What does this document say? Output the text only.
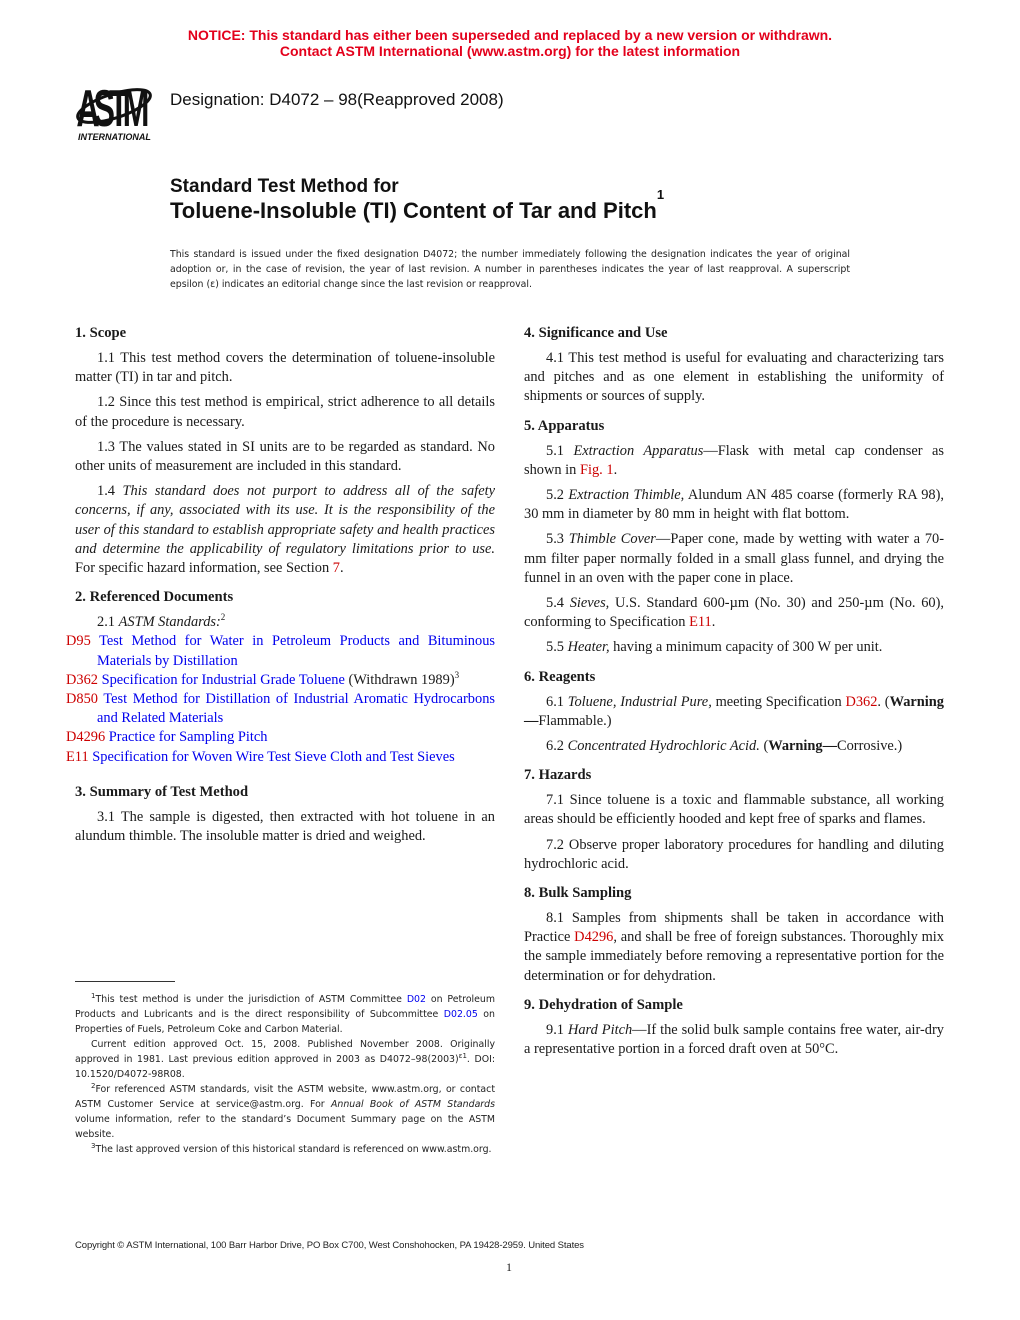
NOTICE: This standard has either been superseded and replaced by a new version or withdrawn.
Contact ASTM International (www.astm.org) for the latest information
ASTM
INTERNATIONAL
Designation: D4072 – 98(Reapproved 2008)
Standard Test Method for
Toluene-Insoluble (TI) Content of Tar and Pitch$^1$
This standard is issued under the fixed designation D4072; the number immediately following the designation indicates the year of original adoption or, in the case of revision, the year of last revision. A number in parentheses indicates the year of last reapproval. A superscript epsilon (ε) indicates an editorial change since the last revision or reapproval.
1. Scope

1.1 This test method covers the determination of toluene-insoluble matter (TI) in tar and pitch.

1.2 Since this test method is empirical, strict adherence to all details of the procedure is necessary.

1.3 The values stated in SI units are to be regarded as standard. No other units of measurement are included in this standard.

1.4 This standard does not purport to address all of the safety concerns, if any, associated with its use. It is the responsibility of the user of this standard to establish appropriate safety and health practices and determine the applicability of regulatory limitations prior to use. For specific hazard information, see Section 7.

2. Referenced Documents

2.1 ASTM Standards:$^2$

D95 Test Method for Water in Petroleum Products and Bituminous Materials by Distillation

D362 Specification for Industrial Grade Toluene (Withdrawn 1989)$^3$

D850 Test Method for Distillation of Industrial Aromatic Hydrocarbons and Related Materials

D4296 Practice for Sampling Pitch

E11 Specification for Woven Wire Test Sieve Cloth and Test Sieves

3. Summary of Test Method

3.1 The sample is digested, then extracted with hot toluene in an alundum thimble. The insoluble matter is dried and weighed.

4. Significance and Use

4.1 This test method is useful for evaluating and characterizing tars and pitches and as one element in establishing the uniformity of shipments or sources of supply.

5. Apparatus

5.1 Extraction Apparatus—Flask with metal cap condenser as shown in Fig. 1.

5.2 Extraction Thimble, Alundum AN 485 coarse (formerly RA 98), 30 mm in diameter by 80 mm in height with flat bottom.

5.3 Thimble Cover—Paper cone, made by wetting with water a 70-mm filter paper normally folded in a small glass funnel, and drying the funnel in an oven with the paper cone in place.

5.4 Sieves, U.S. Standard 600-µm (No. 30) and 250-µm (No. 60), conforming to Specification E11.

5.5 Heater, having a minimum capacity of 300 W per unit.

6. Reagents

6.1 Toluene, Industrial Pure, meeting Specification D362. (Warning—Flammable.)

6.2 Concentrated Hydrochloric Acid. (Warning—Corrosive.)

7. Hazards

7.1 Since toluene is a toxic and flammable substance, all working areas should be efficiently hooded and kept free of sparks and flames.

7.2 Observe proper laboratory procedures for handling and diluting hydrochloric acid.

8. Bulk Sampling

8.1 Samples from shipments shall be taken in accordance with Practice D4296, and shall be free of foreign substances. Thoroughly mix the sample immediately before removing a representative portion for the determination or for dehydration.

9. Dehydration of Sample

9.1 Hard Pitch—If the solid bulk sample contains free water, air-dry a representative portion in a forced draft oven at 50°C.

$^1$This test method is under the jurisdiction of ASTM Committee D02 on Petroleum Products and Lubricants and is the direct responsibility of Subcommittee D02.05 on Properties of Fuels, Petroleum Coke and Carbon Material.

Current edition approved Oct. 15, 2008. Published November 2008. Originally approved in 1981. Last previous edition approved in 2003 as $D4072-98(2003)^{\varepsilon 1}$. DOI: 10.1520/D4072-98R08.

$^2$For referenced ASTM standards, visit the ASTM website, www.astm.org, or contact ASTM Customer Service at service@astm.org. For Annual Book of ASTM Standards volume information, refer to the standard’s Document Summary page on the ASTM website.

$^3$The last approved version of this historical standard is referenced on www.astm.org.

Copyright © ASTM International, 100 Barr Harbor Drive, PO Box C700, West Conshohocken, PA 19428-2959. United States
1
